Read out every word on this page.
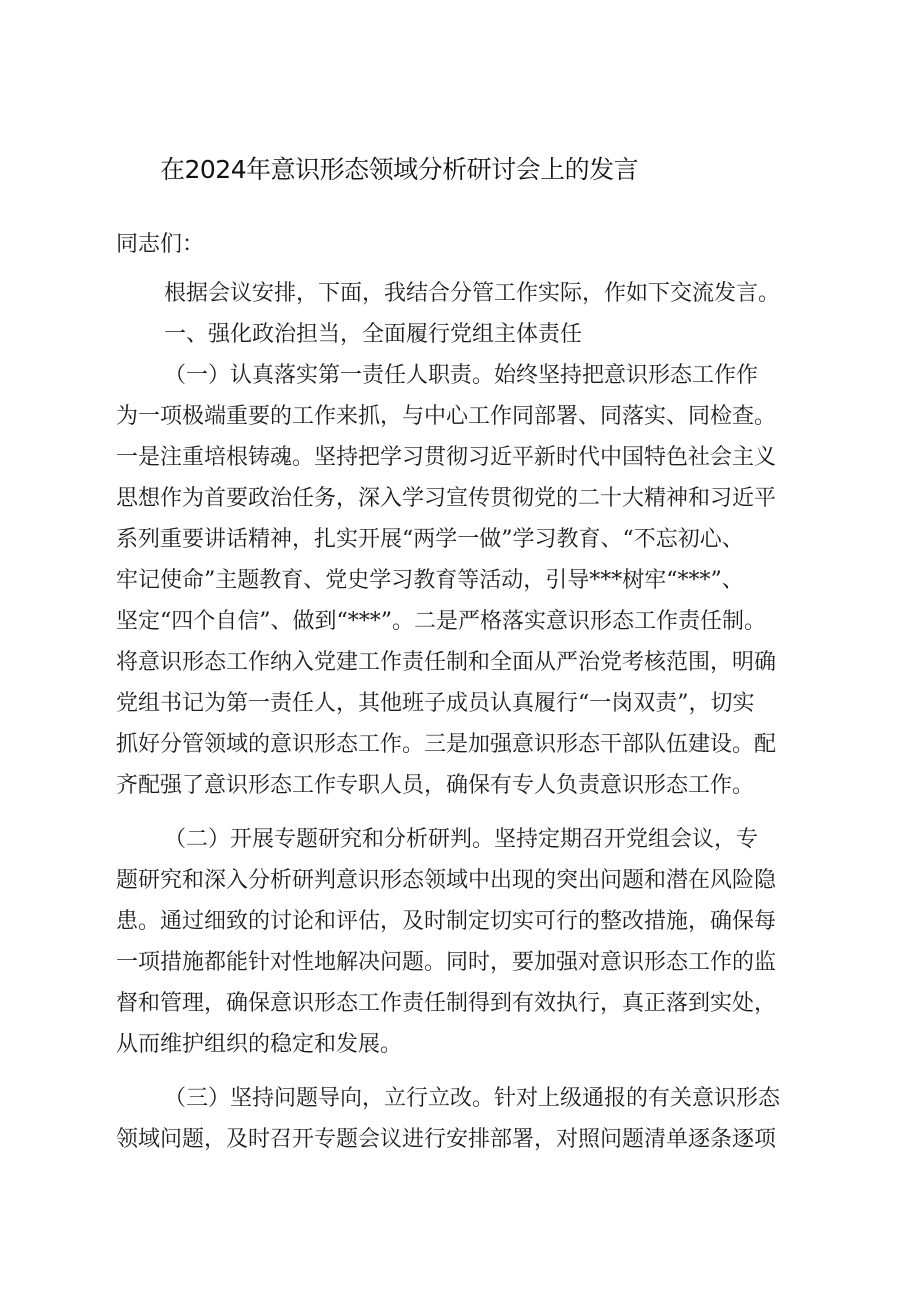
在2024年意识形态领域分析研讨会上的发言
同志们：
根据会议安排，下面，我结合分管工作实际，作如下交流发言。
一、强化政治担当，全面履行党组主体责任
（一）认真落实第一责任人职责。始终坚持把意识形态工作作
为一项极端重要的工作来抓，与中心工作同部署、同落实、同检查。
一是注重培根铸魂。坚持把学习贯彻习近平新时代中国特色社会主义
思想作为首要政治任务，深入学习宣传贯彻党的二十大精神和习近平
系列重要讲话精神，扎实开展“两学一做”学习教育、“不忘初心、
牢记使命”主题教育、党史学习教育等活动，引导***树牢“***”、
坚定“四个自信”、做到“***”。二是严格落实意识形态工作责任制。
将意识形态工作纳入党建工作责任制和全面从严治党考核范围，明确
党组书记为第一责任人，其他班子成员认真履行“一岗双责”，切实
抓好分管领域的意识形态工作。三是加强意识形态干部队伍建设。配
齐配强了意识形态工作专职人员，确保有专人负责意识形态工作。
（二）开展专题研究和分析研判。坚持定期召开党组会议，专
题研究和深入分析研判意识形态领域中出现的突出问题和潜在风险隐
患。通过细致的讨论和评估，及时制定切实可行的整改措施，确保每
一项措施都能针对性地解决问题。同时，要加强对意识形态工作的监
督和管理，确保意识形态工作责任制得到有效执行，真正落到实处，
从而维护组织的稳定和发展。
（三）坚持问题导向，立行立改。针对上级通报的有关意识形态
领域问题，及时召开专题会议进行安排部署，对照问题清单逐条逐项
